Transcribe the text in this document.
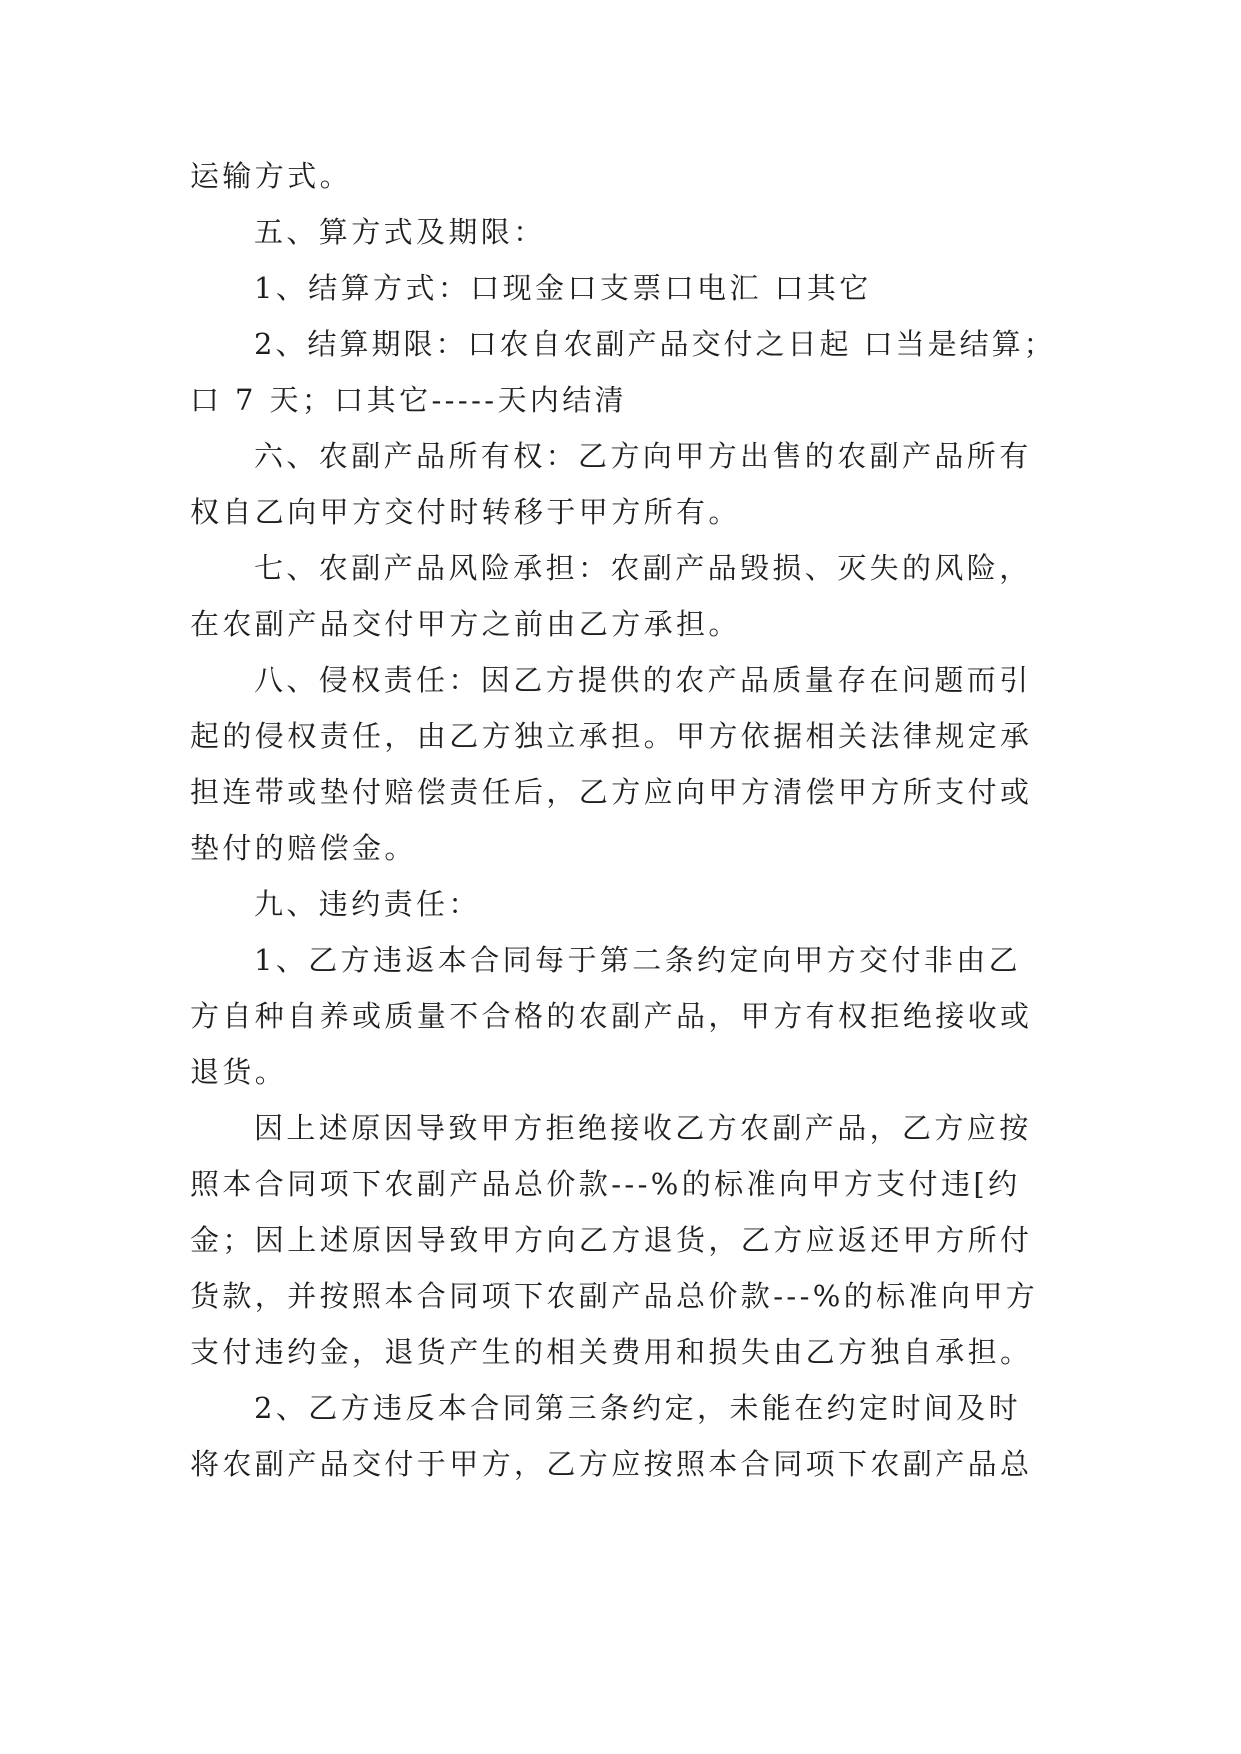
运输方式。
五、算方式及期限：
1、结算方式：口现金口支票口电汇 口其它
2、结算期限：口农自农副产品交付之日起 口当是结算；
口 7 天；口其它-----天内结清
六、农副产品所有权：乙方向甲方出售的农副产品所有
权自乙向甲方交付时转移于甲方所有。
七、农副产品风险承担：农副产品毁损、灭失的风险，
在农副产品交付甲方之前由乙方承担。
八、侵权责任：因乙方提供的农产品质量存在问题而引
起的侵权责任，由乙方独立承担。甲方依据相关法律规定承
担连带或垫付赔偿责任后，乙方应向甲方清偿甲方所支付或
垫付的赔偿金。
九、违约责任：
1、乙方违返本合同每于第二条约定向甲方交付非由乙
方自种自养或质量不合格的农副产品，甲方有权拒绝接收或
退货。
因上述原因导致甲方拒绝接收乙方农副产品，乙方应按
照本合同项下农副产品总价款---%的标准向甲方支付违[约
金；因上述原因导致甲方向乙方退货，乙方应返还甲方所付
货款，并按照本合同项下农副产品总价款---%的标准向甲方
支付违约金，退货产生的相关费用和损失由乙方独自承担。
2、乙方违反本合同第三条约定，未能在约定时间及时
将农副产品交付于甲方，乙方应按照本合同项下农副产品总
